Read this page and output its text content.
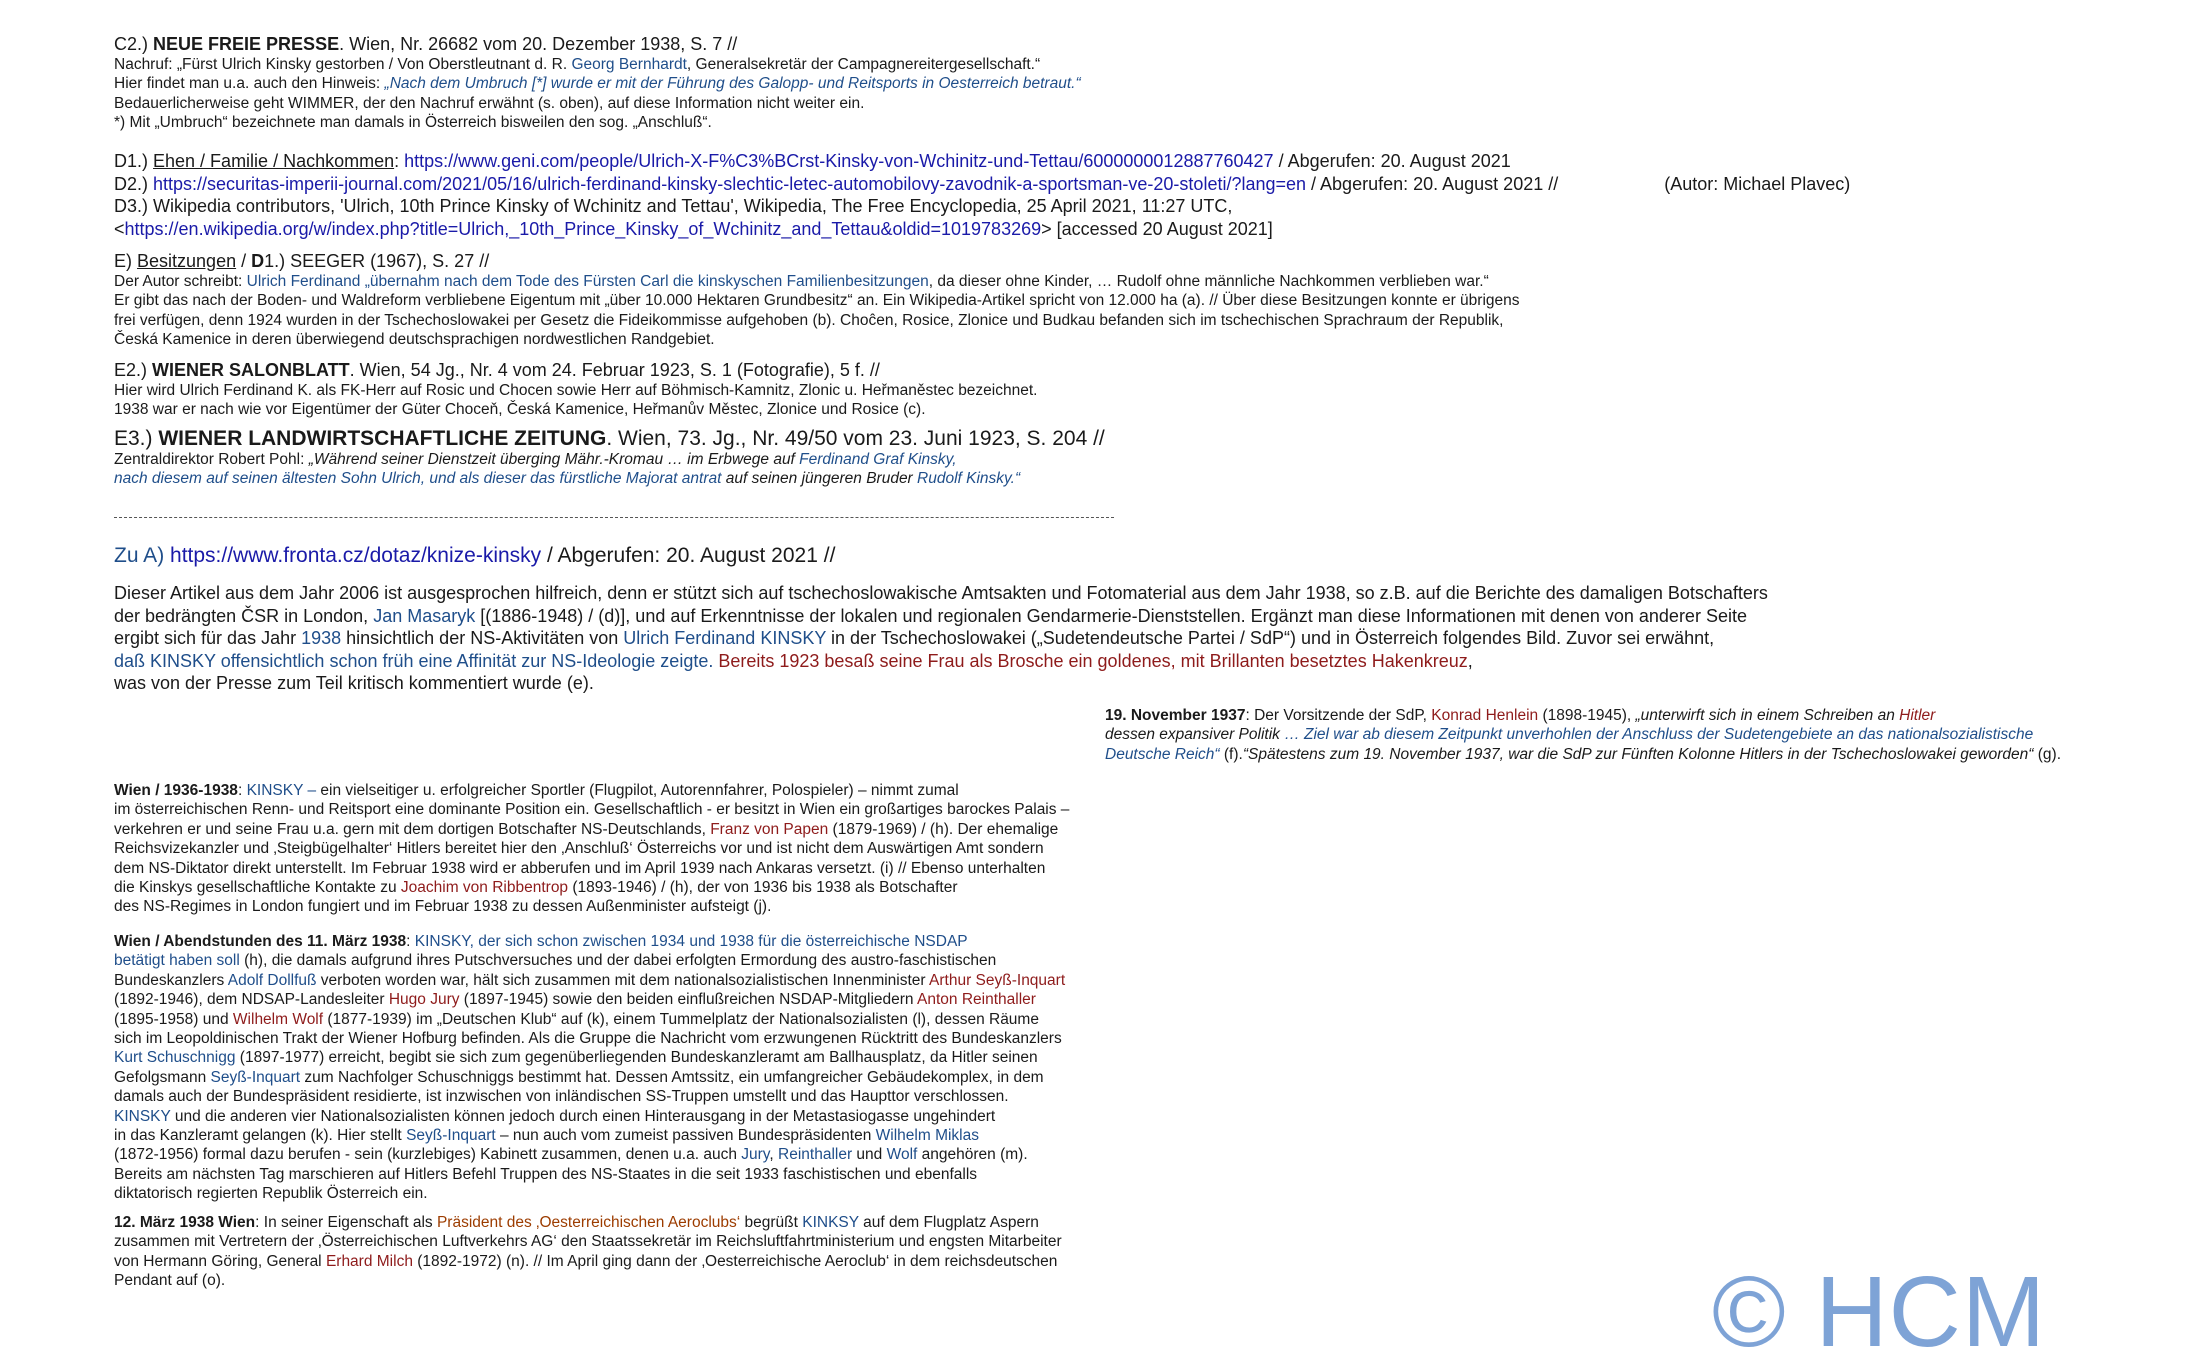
C2.) NEUE FREIE PRESSE. Wien, Nr. 26682 vom 20. Dezember 1938, S. 7 //
Nachruf: „Fürst Ulrich Kinsky gestorben / Von Oberstleutnant d. R. Georg Bernhardt, Generalsekretär der Campagnereitergesellschaft.“
Hier findet man u.a. auch den Hinweis: „Nach dem Umbruch [*] wurde er mit der Führung des Galopp- und Reitsports in Oesterreich betraut.“
Bedauerlicherweise geht WIMMER, der den Nachruf erwähnt (s. oben), auf diese Information nicht weiter ein.
*) Mit „Umbruch“ bezeichnete man damals in Österreich bisweilen den sog. „Anschluß“.
D1.) Ehen / Familie / Nachkommen: https://www.geni.com/people/Ulrich-X-F%C3%BCrst-Kinsky-von-Wchinitz-und-Tettau/6000000012887760427 / Abgerufen: 20. August 2021
D2.) https://securitas-imperii-journal.com/2021/05/16/ulrich-ferdinand-kinsky-slechtic-letec-automobilovy-zavodnik-a-sportsman-ve-20-stoleti/?lang=en / Abgerufen: 20. August 2021 //	(Autor: Michael Plavec)
D3.) Wikipedia contributors, 'Ulrich, 10th Prince Kinsky of Wchinitz and Tettau', Wikipedia, The Free Encyclopedia, 25 April 2021, 11:27 UTC,
<https://en.wikipedia.org/w/index.php?title=Ulrich,_10th_Prince_Kinsky_of_Wchinitz_and_Tettau&oldid=1019783269> [accessed 20 August 2021]
E) Besitzungen / D1.) SEEGER (1967), S. 27 //
Der Autor schreibt: Ulrich Ferdinand „übernahm nach dem Tode des Fürsten Carl die kinskyschen Familienbesitzungen, da dieser ohne Kinder, … Rudolf ohne männliche Nachkommen verblieben war.“
Er gibt das nach der Boden- und Waldreform verbliebene Eigentum mit „über 10.000 Hektaren Grundbesitz“ an. Ein Wikipedia-Artikel spricht von 12.000 ha (a). // Über diese Besitzungen konnte er übrigens
frei verfügen, denn 1924 wurden in der Tschechoslowakei per Gesetz die Fideikommisse aufgehoben (b). Choĉen, Rosice, Zlonice und Budkau befanden sich im tschechischen Sprachraum der Republik,
Česká Kamenice in deren überwiegend deutschsprachigen nordwestlichen Randgebiet.
E2.) WIENER SALONBLATT. Wien, 54 Jg., Nr. 4 vom 24. Februar 1923, S. 1 (Fotografie), 5 f. //
Hier wird Ulrich Ferdinand K. als FK-Herr auf Rosic und Chocen sowie Herr auf Böhmisch-Kamnitz, Zlonic u. Heřmaněstec bezeichnet.
1938 war er nach wie vor Eigentümer der Güter Choceň, Česká Kamenice, Heřmanův Městec, Zlonice und Rosice (c).
E3.) WIENER LANDWIRTSCHAFTLICHE ZEITUNG. Wien, 73. Jg., Nr. 49/50 vom 23. Juni 1923, S. 204 //
Zentraldirektor Robert Pohl: „Während seiner Dienstzeit überging Mähr.-Kromau … im Erbwege auf Ferdinand Graf Kinsky,
nach diesem auf seinen ältesten Sohn Ulrich, und als dieser das fürstliche Majorat antrat auf seinen jüngeren Bruder Rudolf Kinsky.“
Zu A) https://www.fronta.cz/dotaz/knize-kinsky / Abgerufen: 20. August 2021 //
Dieser Artikel aus dem Jahr 2006 ist ausgesprochen hilfreich, denn er stützt sich auf tschechoslowakische Amtsakten und Fotomaterial aus dem Jahr 1938, so z.B. auf die Berichte des damaligen Botschafters
der bedrängten ČSR in London, Jan Masaryk [(1886-1948) / (d)], und auf Erkenntnisse der lokalen und regionalen Gendarmerie-Dienststellen. Ergänzt man diese Informationen mit denen von anderer Seite
ergibt sich für das Jahr 1938 hinsichtlich der NS-Aktivitäten von Ulrich Ferdinand KINSKY in der Tschechoslowakei („Sudetendeutsche Partei / SdP“) und in Österreich folgendes Bild. Zuvor sei erwähnt,
daß KINSKY offensichtlich schon früh eine Affinität zur NS-Ideologie zeigte. Bereits 1923 besaß seine Frau als Brosche ein goldenes, mit Brillanten besetztes Hakenkreuz,
was von der Presse zum Teil kritisch kommentiert wurde (e).
19. November 1937: Der Vorsitzende der SdP, Konrad Henlein (1898-1945), „unterwirft sich in einem Schreiben an Hitler
dessen expansiver Politik … Ziel war ab diesem Zeitpunkt unverhohlen der Anschluss der Sudetengebiete an das nationalsozialistische
Deutsche Reich“ (f).“Spätestens zum 19. November 1937, war die SdP zur Fünften Kolonne Hitlers in der Tschechoslowakei geworden“ (g).
Wien / 1936-1938: KINSKY – ein vielseitiger u. erfolgreicher Sportler (Flugpilot, Autorennfahrer, Polospieler) – nimmt zumal
im österreichischen Renn- und Reitsport eine dominante Position ein. Gesellschaftlich - er besitzt in Wien ein großartiges barockes Palais –
verkehren er und seine Frau u.a. gern mit dem dortigen Botschafter NS-Deutschlands, Franz von Papen (1879-1969) / (h). Der ehemalige
Reichsvizekanzler und ‚Steigbügelhalter‘ Hitlers bereitet hier den ‚Anschluß‘ Österreichs vor und ist nicht dem Auswärtigen Amt sondern
dem NS-Diktator direkt unterstellt. Im Februar 1938 wird er abberufen und im April 1939 nach Ankaras versetzt. (i) // Ebenso unterhalten
die Kinskys gesellschaftliche Kontakte zu Joachim von Ribbentrop (1893-1946) / (h), der von 1936 bis 1938 als Botschafter
des NS-Regimes in London fungiert und im Februar 1938 zu dessen Außenminister aufsteigt (j).
Wien / Abendstunden des 11. März 1938: KINSKY, der sich schon zwischen 1934 und 1938 für die österreichische NSDAP
betätigt haben soll (h), die damals aufgrund ihres Putschversuches und der dabei erfolgten Ermordung des austro-faschistischen
Bundeskanzlers Adolf Dollfuß verboten worden war, hält sich zusammen mit dem nationalsozialistischen Innenminister Arthur Seyß-Inquart
(1892-1946), dem NDSAP-Landesleiter Hugo Jury (1897-1945) sowie den beiden einflußreichen NSDAP-Mitgliedern Anton Reinthaller
(1895-1958) und Wilhelm Wolf (1877-1939) im „Deutschen Klub“ auf (k), einem Tummelplatz der Nationalsozialisten (l), dessen Räume
sich im Leopoldinischen Trakt der Wiener Hofburg befinden. Als die Gruppe die Nachricht vom erzwungenen Rücktritt des Bundeskanzlers
Kurt Schuschnigg (1897-1977) erreicht, begibt sie sich zum gegenüberliegenden Bundeskanzleramt am Ballhausplatz, da Hitler seinen
Gefolgsmann Seyß-Inquart zum Nachfolger Schuschniggs bestimmt hat. Dessen Amtssitz, ein umfangreicher Gebäudekomplex, in dem
damals auch der Bundespräsident residierte, ist inzwischen von inländischen SS-Truppen umstellt und das Haupttor verschlossen.
KINSKY und die anderen vier Nationalsozialisten können jedoch durch einen Hinterausgang in der Metastasiogasse ungehindert
in das Kanzleramt gelangen (k). Hier stellt Seyß-Inquart – nun auch vom zumeist passiven Bundespräsidenten Wilhelm Miklas
(1872-1956) formal dazu berufen - sein (kurzlebiges) Kabinett zusammen, denen u.a. auch Jury, Reinthaller und Wolf angehören (m).
Bereits am nächsten Tag marschieren auf Hitlers Befehl Truppen des NS-Staates in die seit 1933 faschistischen und ebenfalls
diktatorisch regierten Republik Österreich ein.
12. März 1938 Wien: In seiner Eigenschaft als Präsident des ‚Oesterreichischen Aeroclubs‘ begrüßt KINKSY auf dem Flugplatz Aspern
zusammen mit Vertretern der ‚Österreichischen Luftverkehrs AG‘ den Staatssekretär im Reichsluftfahrtministerium und engsten Mitarbeiter
von Hermann Göring, General Erhard Milch (1892-1972) (n). // Im April ging dann der ‚Oesterreichische Aeroclub‘ in dem reichsdeutschen
Pendant auf (o).	© HCM
